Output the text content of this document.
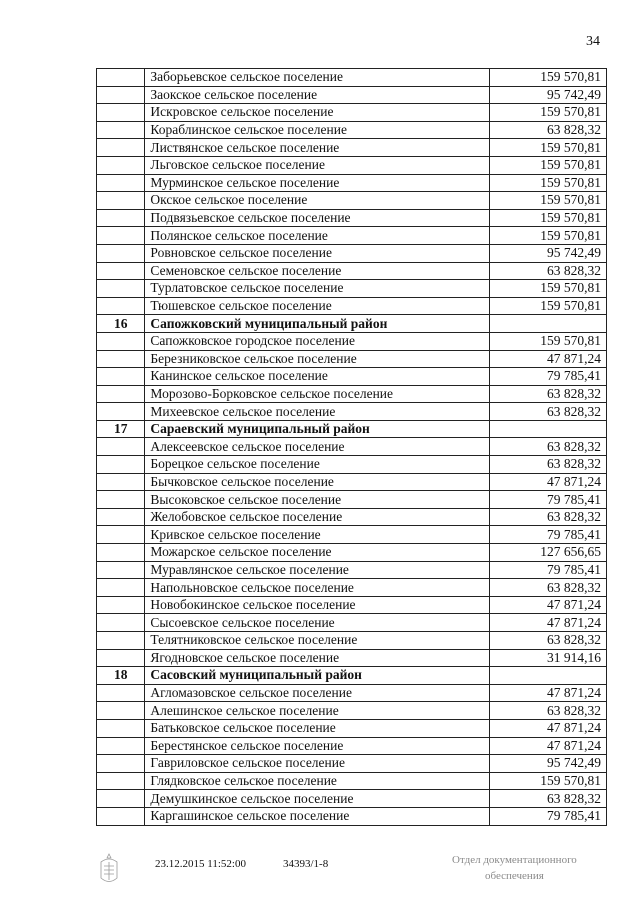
34
	Заборьевское сельское поселение	159 570,81
	Заокское сельское поселение	95 742,49
	Искровское сельское поселение	159 570,81
	Кораблинское сельское поселение	63 828,32
	Листвянское сельское поселение	159 570,81
	Льговское сельское поселение	159 570,81
	Мурминское сельское поселение	159 570,81
	Окское сельское поселение	159 570,81
	Подвязьевское сельское поселение	159 570,81
	Полянское сельское поселение	159 570,81
	Ровновское сельское поселение	95 742,49
	Семеновское сельское поселение	63 828,32
	Турлатовское сельское поселение	159 570,81
	Тюшевское сельское поселение	159 570,81
16	Сапожковский муниципальный район	
	Сапожковское городское поселение	159 570,81
	Березниковское сельское поселение	47 871,24
	Канинское сельское поселение	79 785,41
	Морозово-Борковское сельское поселение	63 828,32
	Михеевское сельское поселение	63 828,32
17	Сараевский муниципальный район	
	Алексеевское сельское поселение	63 828,32
	Борецкое сельское поселение	63 828,32
	Бычковское сельское поселение	47 871,24
	Высоковское сельское поселение	79 785,41
	Желобовское сельское поселение	63 828,32
	Кривское сельское поселение	79 785,41
	Можарское сельское поселение	127 656,65
	Муравлянское сельское поселение	79 785,41
	Напольновское сельское поселение	63 828,32
	Новобокинское сельское поселение	47 871,24
	Сысоевское сельское поселение	47 871,24
	Телятниковское сельское поселение	63 828,32
	Ягодновское сельское поселение	31 914,16
18	Сасовский муниципальный район	
	Агломазовское сельское поселение	47 871,24
	Алешинское сельское поселение	63 828,32
	Батьковское сельское поселение	47 871,24
	Берестянское сельское поселение	47 871,24
	Гавриловское сельское поселение	95 742,49
	Глядковское сельское поселение	159 570,81
	Демушкинское сельское поселение	63 828,32
	Каргашинское сельское поселение	79 785,41
23.12.2015 11:52:00	34393/1-8	Отдел документационного
обеспечения
